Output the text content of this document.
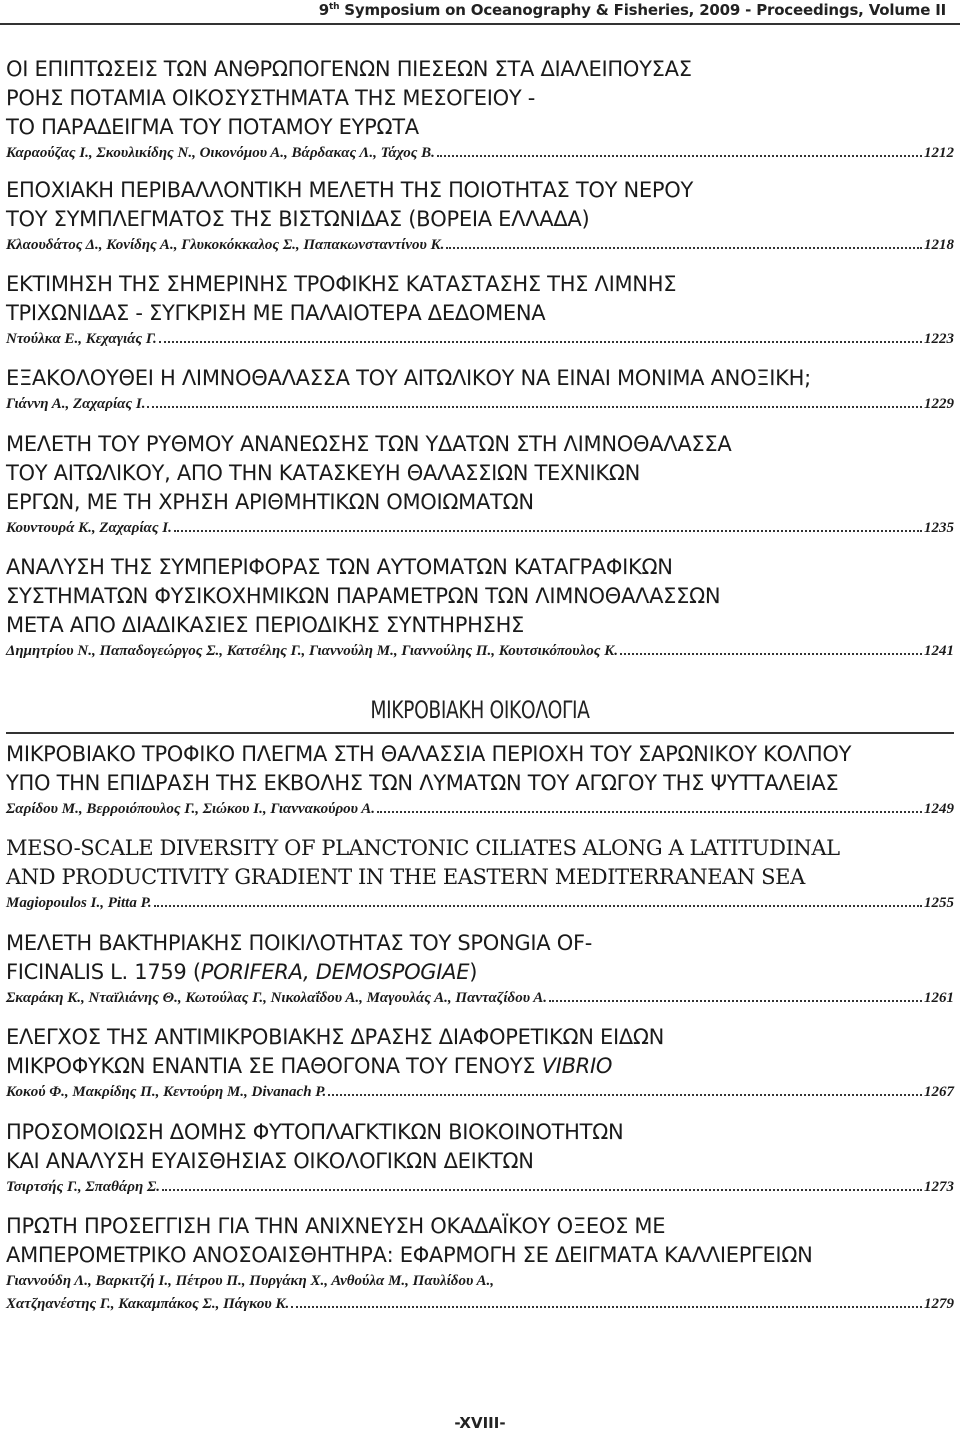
9th Symposium on Oceanography & Fisheries, 2009 - Proceedings, Volume II
ΟΙ ΕΠΙΠΤΩΣΕΙΣ ΤΩΝ ΑΝΘΡΩΠΟΓΕΝΩΝ ΠΙΕΣΕΩΝ ΣΤΑ ΔΙΑΛΕΙΠΟΥΣΑΣ
ΡΟΗΣ ΠΟΤΑΜΙΑ ΟΙΚΟΣΥΣΤΗΜΑΤΑ ΤΗΣ ΜΕΣΟΓΕΙΟΥ -
ΤΟ ΠΑΡΑΔΕΙΓΜΑ ΤΟΥ ΠΟΤΑΜΟΥ ΕΥΡΩΤΑ
Καραούζας Ι., Σκουλικίδης Ν., Οικονόμου Α., Βάρδακας Λ., Τάχος Β.	1212
ΕΠΟΧΙΑΚΗ ΠΕΡΙΒΑΛΛΟΝΤΙΚΗ ΜΕΛΕΤΗ ΤΗΣ ΠΟΙΟΤΗΤΑΣ ΤΟΥ ΝΕΡΟΥ
ΤΟΥ ΣΥΜΠΛΕΓΜΑΤΟΣ ΤΗΣ ΒΙΣΤΩΝΙΔΑΣ (ΒΟΡΕΙΑ ΕΛΛΑΔΑ)
Κλαουδάτος Δ., Κονίδης Α., Γλυκοκόκκαλος Σ., Παπακωνσταντίνου Κ.	1218
ΕΚΤΙΜΗΣΗ ΤΗΣ ΣΗΜΕΡΙΝΗΣ ΤΡΟΦΙΚΗΣ ΚΑΤΑΣΤΑΣΗΣ ΤΗΣ ΛΙΜΝΗΣ
ΤΡΙΧΩΝΙΔΑΣ - ΣΥΓΚΡΙΣΗ ΜΕ ΠΑΛΑΙΟΤΕΡΑ ΔΕΔΟΜΕΝΑ
Ντούλκα Ε., Κεχαγιάς Γ.	1223
ΕΞΑΚΟΛΟΥΘΕΙ Η ΛΙΜΝΟΘΑΛΑΣΣΑ ΤΟΥ ΑΙΤΩΛΙΚΟΥ ΝΑ ΕΙΝΑΙ ΜΟΝΙΜΑ ΑΝΟΞΙΚΗ;
Γιάννη Α., Ζαχαρίας Ι.	1229
ΜΕΛΕΤΗ ΤΟΥ ΡΥΘΜΟΥ ΑΝΑΝΕΩΣΗΣ ΤΩΝ ΥΔΑΤΩΝ ΣΤΗ ΛΙΜΝΟΘΑΛΑΣΣΑ
ΤΟΥ ΑΙΤΩΛΙΚΟΥ, ΑΠΟ ΤΗΝ ΚΑΤΑΣΚΕΥΗ ΘΑΛΑΣΣΙΩΝ ΤΕΧΝΙΚΩΝ
ΕΡΓΩΝ, ΜΕ ΤΗ ΧΡΗΣΗ ΑΡΙΘΜΗΤΙΚΩΝ ΟΜΟΙΩΜΑΤΩΝ
Κουντουρά Κ., Ζαχαρίας Ι.	1235
ΑΝΑΛΥΣΗ ΤΗΣ ΣΥΜΠΕΡΙΦΟΡΑΣ ΤΩΝ ΑΥΤΟΜΑΤΩΝ ΚΑΤΑΓΡΑΦΙΚΩΝ
ΣΥΣΤΗΜΑΤΩΝ ΦΥΣΙΚΟΧΗΜΙΚΩΝ ΠΑΡΑΜΕΤΡΩΝ ΤΩΝ ΛΙΜΝΟΘΑΛΑΣΣΩΝ
ΜΕΤΑ ΑΠΟ ΔΙΑΔΙΚΑΣΙΕΣ ΠΕΡΙΟΔΙΚΗΣ ΣΥΝΤΗΡΗΣΗΣ
Δημητρίου Ν., Παπαδογεώργος Σ., Κατσέλης Γ., Γιαννούλη Μ., Γιαννούλης Π., Κουτσικόπουλος Κ.	1241
ΜΙΚΡΟΒΙΑΚΗ ΟΙΚΟΛΟΓΙΑ
ΜΙΚΡΟΒΙΑΚΟ ΤΡΟΦΙΚΟ ΠΛΕΓΜΑ ΣΤΗ ΘΑΛΑΣΣΙΑ ΠΕΡΙΟΧΗ ΤΟΥ ΣΑΡΩΝΙΚΟΥ ΚΟΛΠΟΥ
ΥΠΟ ΤΗΝ ΕΠΙΔΡΑΣΗ ΤΗΣ ΕΚΒΟΛΗΣ ΤΩΝ ΛΥΜΑΤΩΝ ΤΟΥ ΑΓΩΓΟΥ ΤΗΣ ΨΥΤΤΑΛΕΙΑΣ
Σαρίδου Μ., Βερροιόπουλος Γ., Σιώκου Ι., Γιαννακούρου Α.	1249
MESO-SCALE DIVERSITY OF PLANCTONIC CILIATES ALONG A LATITUDINAL
AND PRODUCTIVITY GRADIENT IN THE EASTERN MEDITERRANEAN SEA
Magiopoulos I., Pitta P.	1255
ΜΕΛΕΤΗ ΒΑΚΤΗΡΙΑΚΗΣ ΠΟΙΚΙΛΟΤΗΤΑΣ ΤΟΥ SPONGIA OF-
FICINALIS L. 1759 (PORIFERA, DEMOSPOGIAE)
Σκαράκη Κ., Νταϊλιάνης Θ., Κωτούλας Γ., Νικολαΐδου Α., Μαγουλάς Α., Πανταζίδου Α.	1261
ΕΛΕΓΧΟΣ ΤΗΣ ΑΝΤΙΜΙΚΡΟΒΙΑΚΗΣ ΔΡΑΣΗΣ ΔΙΑΦΟΡΕΤΙΚΩΝ ΕΙΔΩΝ
ΜΙΚΡΟΦΥΚΩΝ ΕΝΑΝΤΙΑ ΣΕ ΠΑΘΟΓΟΝΑ ΤΟΥ ΓΕΝΟΥΣ VIBRIO
Κοκού Φ., Μακρίδης Π., Κεντούρη Μ., Divanach P.	1267
ΠΡΟΣΟΜΟΙΩΣΗ ΔΟΜΗΣ ΦΥΤΟΠΛΑΓΚΤΙΚΩΝ ΒΙΟΚΟΙΝΟΤΗΤΩΝ
ΚΑΙ ΑΝΑΛΥΣΗ ΕΥΑΙΣΘΗΣΙΑΣ ΟΙΚΟΛΟΓΙΚΩΝ ΔΕΙΚΤΩΝ
Τσιρτσής Γ., Σπαθάρη Σ.	1273
ΠΡΩΤΗ ΠΡΟΣΕΓΓΙΣΗ ΓΙΑ ΤΗΝ ΑΝΙΧΝΕΥΣΗ ΟΚΑΔΑΪΚΟΥ ΟΞΕΟΣ ΜΕ
ΑΜΠΕΡΟΜΕΤΡΙΚΟ ΑΝΟΣΟΑΙΣΘΗΤΗΡΑ: ΕΦΑΡΜΟΓΗ ΣΕ ΔΕΙΓΜΑΤΑ ΚΑΛΛΙΕΡΓΕΙΩΝ
Γιαννούδη Λ., Βαρκιτζή Ι., Πέτρου Π., Πυργάκη Χ., Ανθούλα Μ., Παυλίδου Α.,
Χατζηανέστης Γ., Κακαμπάκος Σ., Πάγκου Κ.	1279
-XVIII-
